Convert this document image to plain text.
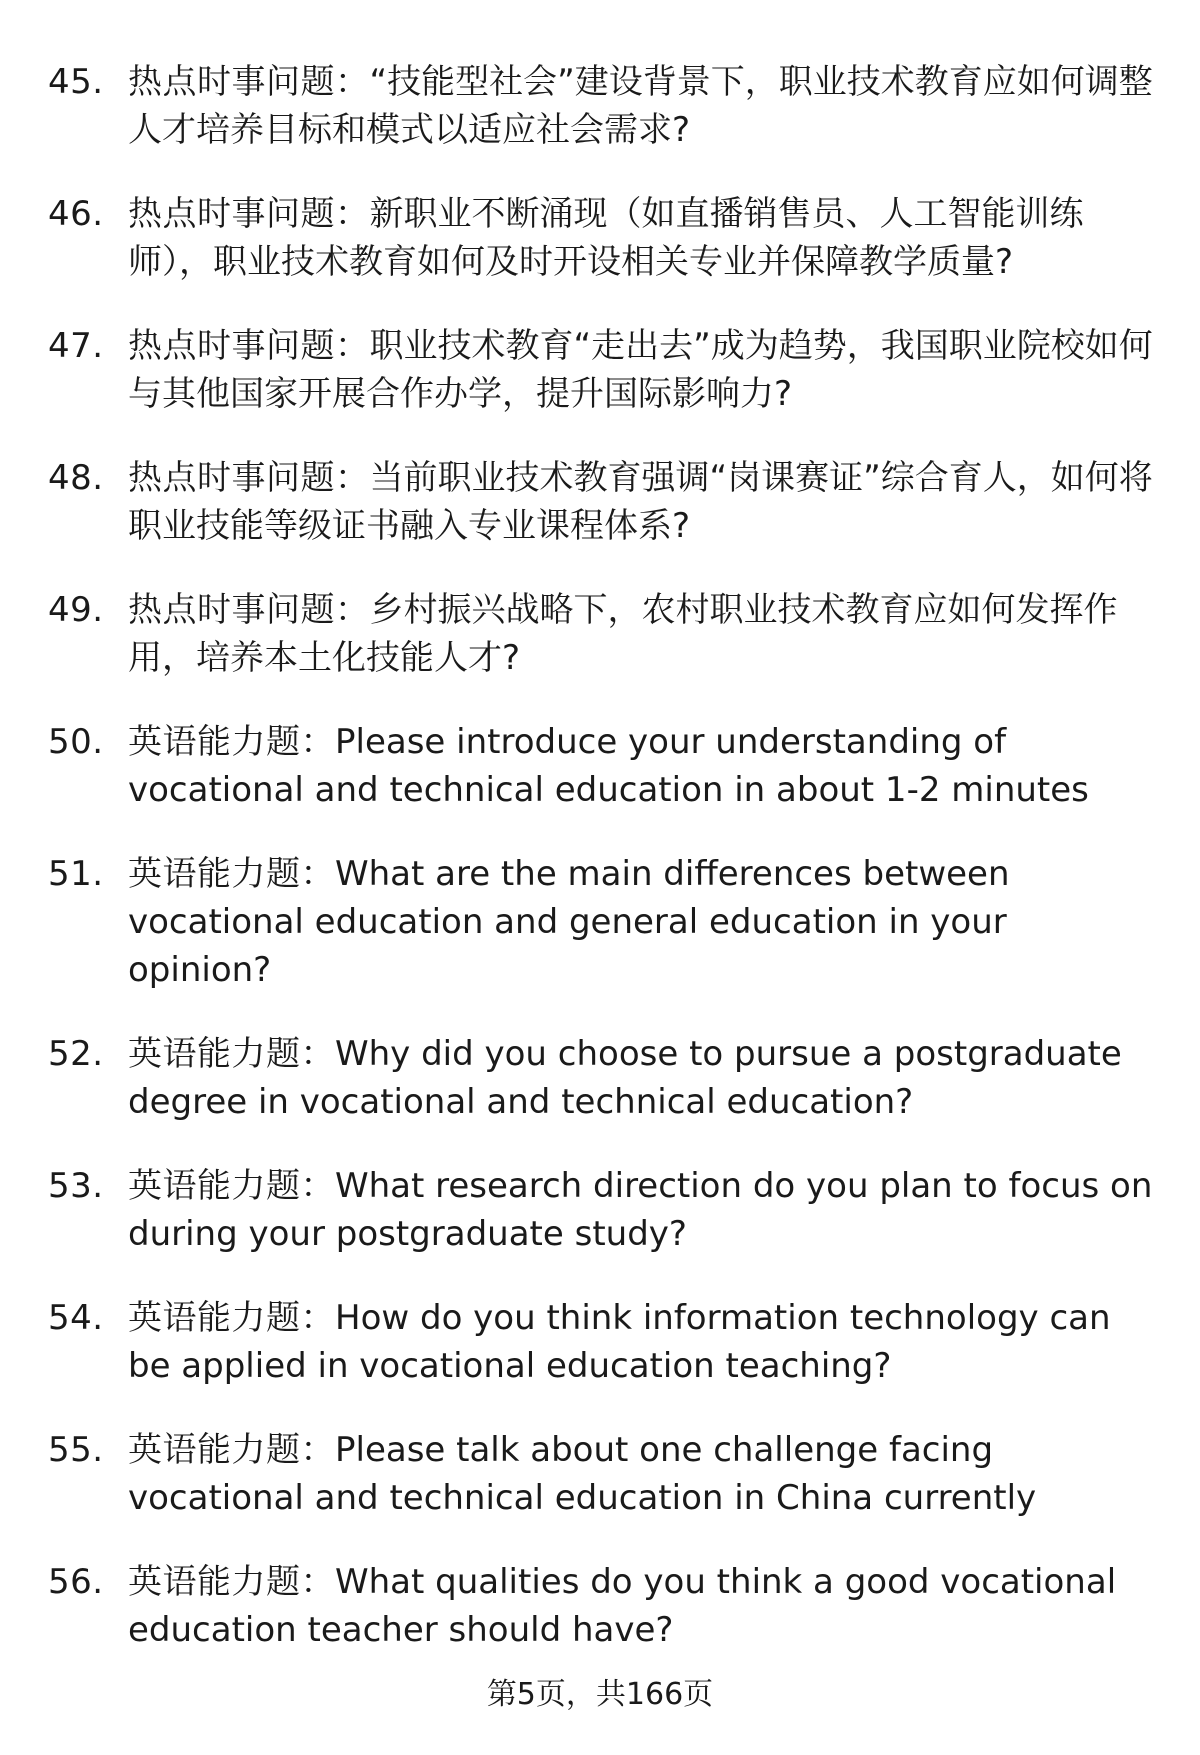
45. 热点时事问题：“技能型社会”建设背景下，职业技术教育应如何调整人才培养目标和模式以适应社会需求?
46. 热点时事问题：新职业不断涌现（如直播销售员、人工智能训练师），职业技术教育如何及时开设相关专业并保障教学质量?
47. 热点时事问题：职业技术教育“走出去”成为趋势，我国职业院校如何与其他国家开展合作办学，提升国际影响力?
48. 热点时事问题：当前职业技术教育强调“岗课赛证”综合育人，如何将职业技能等级证书融入专业课程体系?
49. 热点时事问题：乡村振兴战略下，农村职业技术教育应如何发挥作用，培养本土化技能人才?
50. 英语能力题：Please introduce your understanding of vocational and technical education in about 1-2 minutes
51. 英语能力题：What are the main differences between vocational education and general education in your opinion?
52. 英语能力题：Why did you choose to pursue a postgraduate degree in vocational and technical education?
53. 英语能力题：What research direction do you plan to focus on during your postgraduate study?
54. 英语能力题：How do you think information technology can be applied in vocational education teaching?
55. 英语能力题：Please talk about one challenge facing vocational and technical education in China currently
56. 英语能力题：What qualities do you think a good vocational education teacher should have?
第5页，共166页
